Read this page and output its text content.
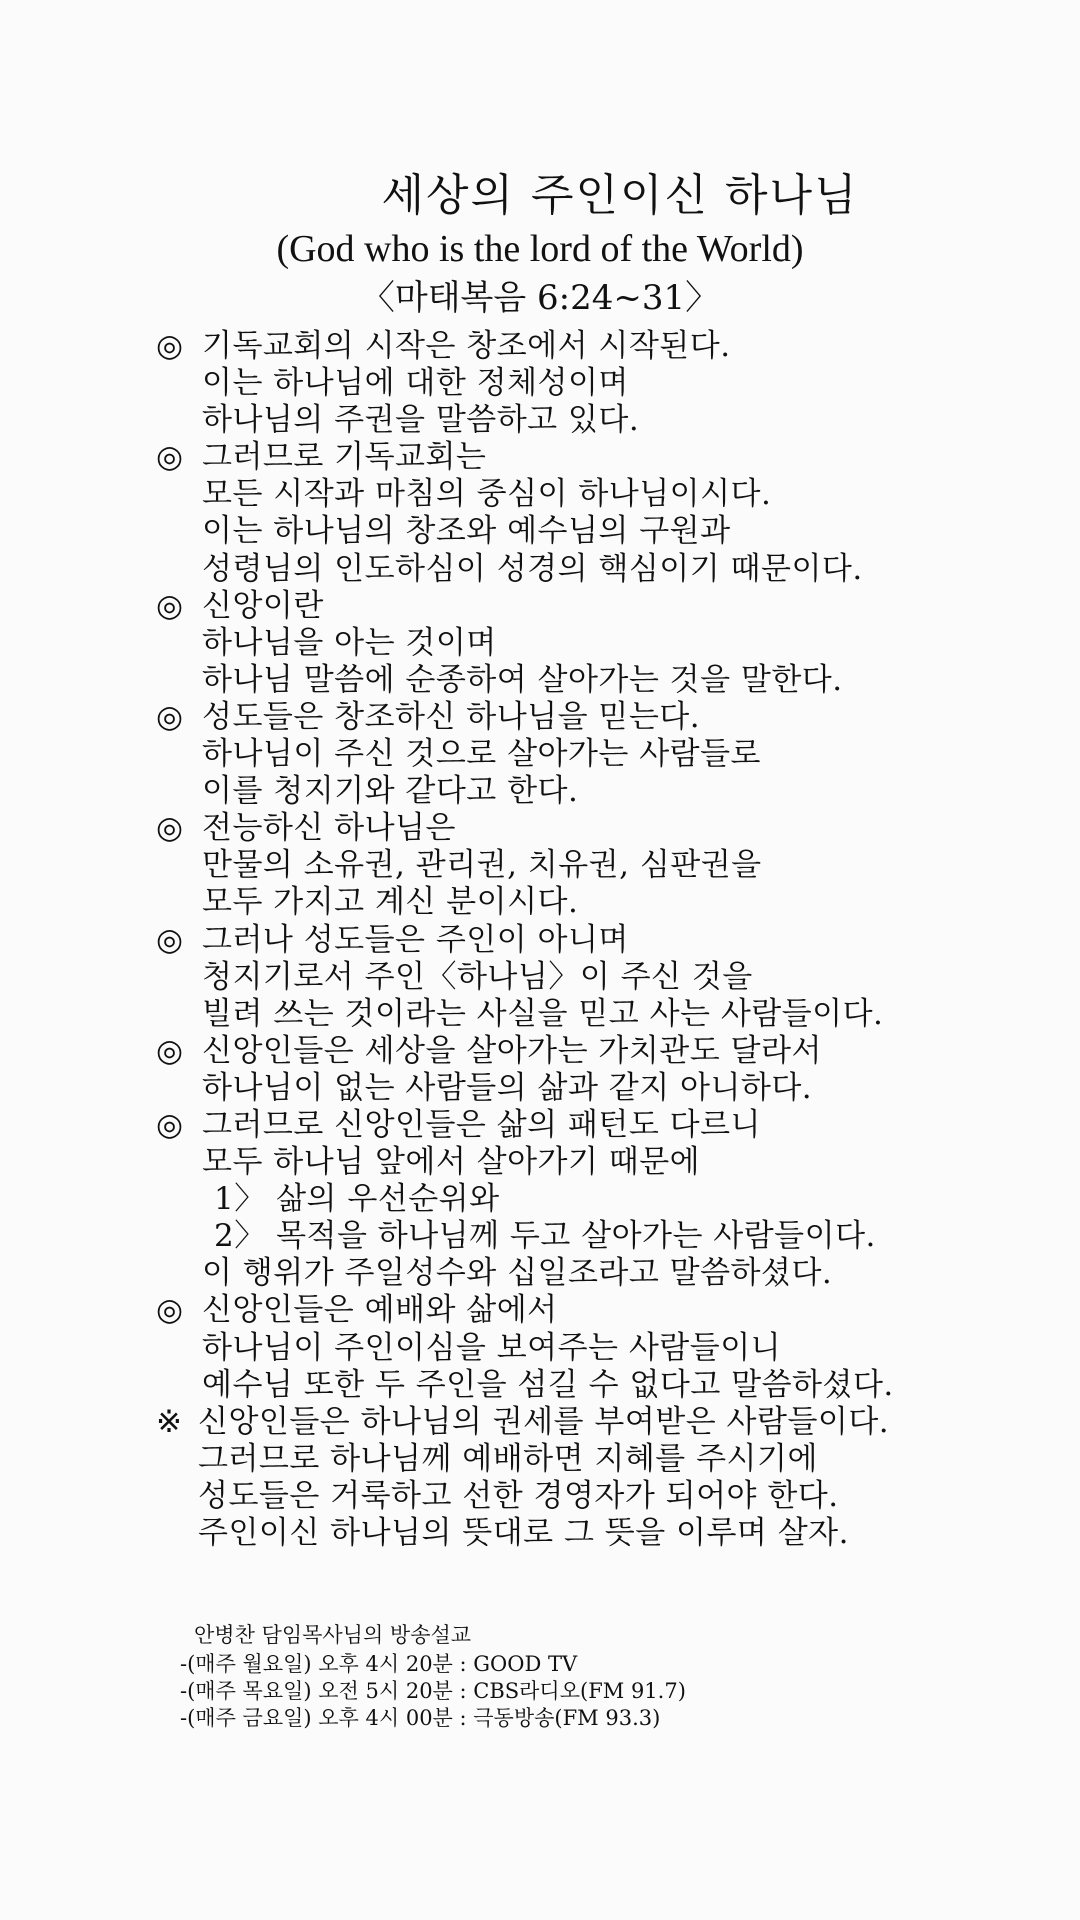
세상의 주인이신 하나님
(God who is the lord of the World)
〈마태복음 6:24~31〉
◎ 기독교회의 시작은 창조에서 시작된다.
이는 하나님에 대한 정체성이며
하나님의 주권을 말씀하고 있다.
◎ 그러므로 기독교회는
모든 시작과 마침의 중심이 하나님이시다.
이는 하나님의 창조와 예수님의 구원과
성령님의 인도하심이 성경의 핵심이기 때문이다.
◎ 신앙이란
하나님을 아는 것이며
하나님 말씀에 순종하여 살아가는 것을 말한다.
◎ 성도들은 창조하신 하나님을 믿는다.
하나님이 주신 것으로 살아가는 사람들로
이를 청지기와 같다고 한다.
◎ 전능하신 하나님은
만물의 소유권, 관리권, 치유권, 심판권을
모두 가지고 계신 분이시다.
◎ 그러나 성도들은 주인이 아니며
청지기로서 주인〈하나님〉이 주신 것을
빌려 쓰는 것이라는 사실을 믿고 사는 사람들이다.
◎ 신앙인들은 세상을 살아가는 가치관도 달라서
하나님이 없는 사람들의 삶과 같지 아니하다.
◎ 그러므로 신앙인들은 삶의 패턴도 다르니
모두 하나님 앞에서 살아가기 때문에
1〉 삶의 우선순위와
2〉 목적을 하나님께 두고 살아가는 사람들이다.
이 행위가 주일성수와 십일조라고 말씀하셨다.
◎ 신앙인들은 예배와 삶에서
하나님이 주인이심을 보여주는 사람들이니
예수님 또한 두 주인을 섬길 수 없다고 말씀하셨다.
※ 신앙인들은 하나님의 권세를 부여받은 사람들이다.
그러므로 하나님께 예배하면 지혜를 주시기에
성도들은 거룩하고 선한 경영자가 되어야 한다.
주인이신 하나님의 뜻대로 그 뜻을 이루며 살자.
안병찬 담임목사님의 방송설교
-(매주 월요일) 오후 4시 20분 : GOOD TV
-(매주 목요일) 오전 5시 20분 : CBS라디오(FM 91.7)
-(매주 금요일) 오후 4시 00분 : 극동방송(FM 93.3)
